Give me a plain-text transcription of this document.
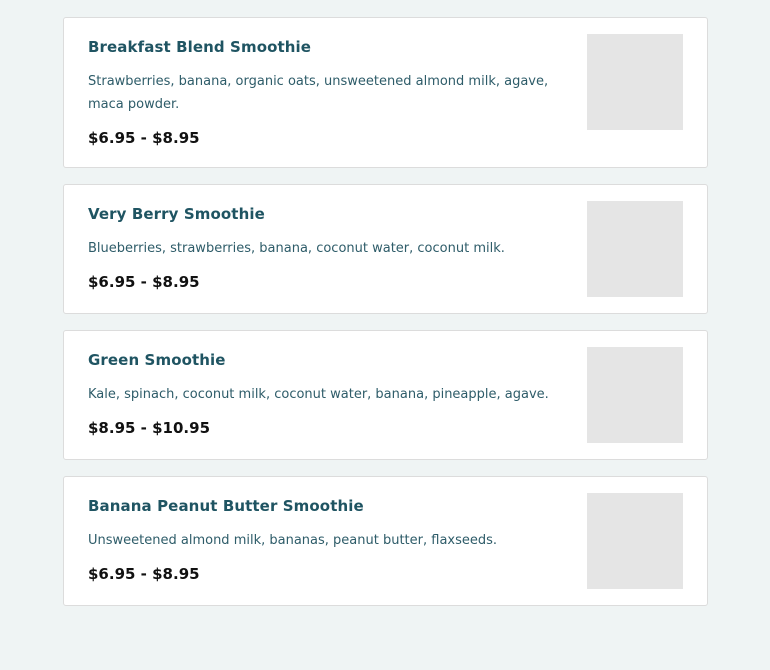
Breakfast Blend Smoothie

Strawberries, banana, organic oats, unsweetened almond milk, agave, maca powder.

$6.95 - $8.95

Very Berry Smoothie

Blueberries, strawberries, banana, coconut water, coconut milk.

$6.95 - $8.95

Green Smoothie

Kale, spinach, coconut milk, coconut water, banana, pineapple, agave.

$8.95 - $10.95

Banana Peanut Butter Smoothie

Unsweetened almond milk, bananas, peanut butter, flaxseeds.

$6.95 - $8.95
